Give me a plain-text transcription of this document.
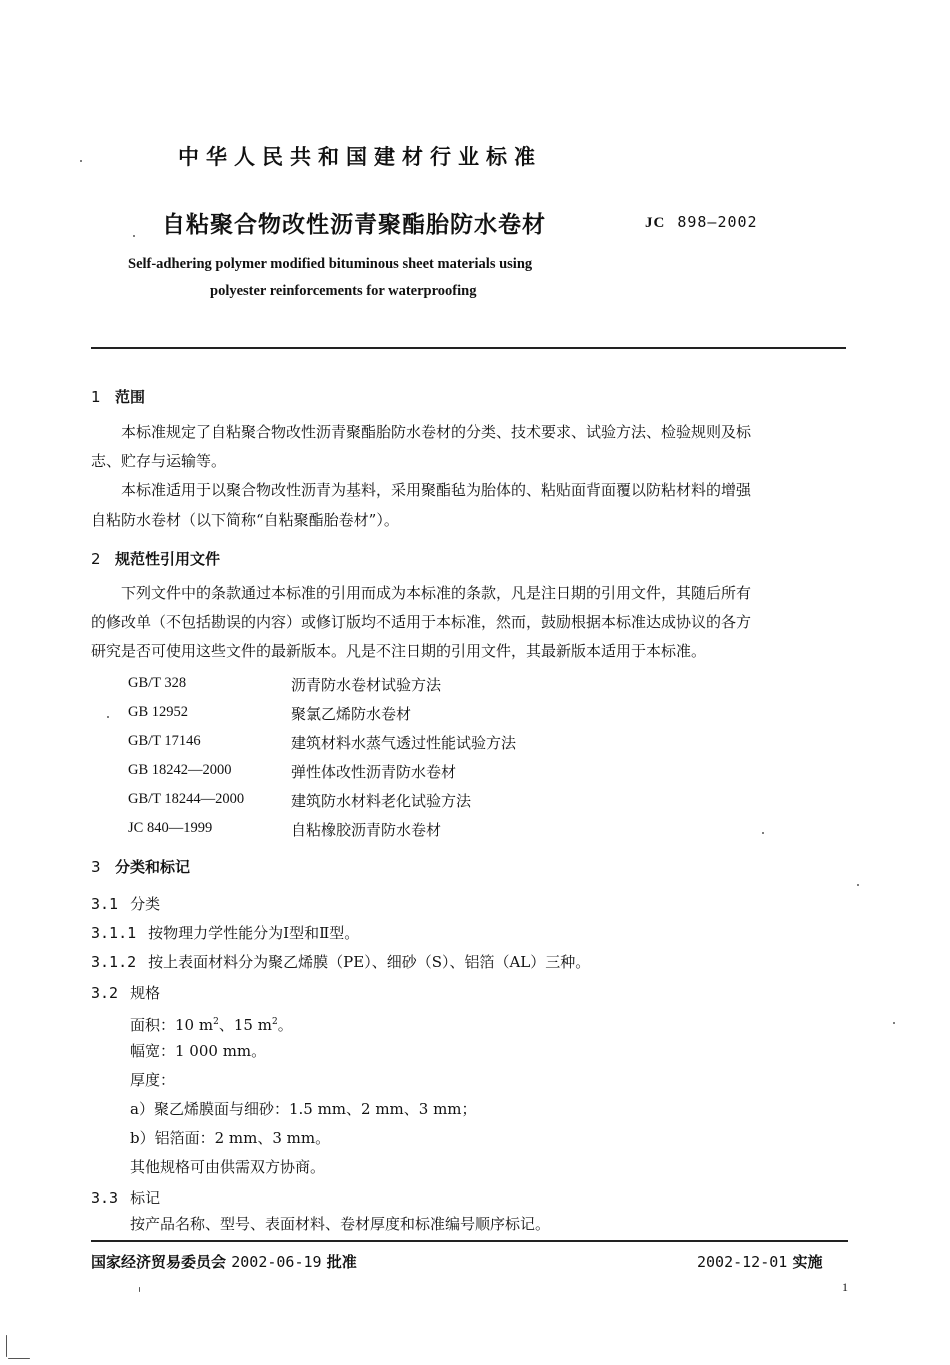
中华人民共和国建材行业标准
自粘聚合物改性沥青聚酯胎防水卷材	JC 898—2002
Self-adhering polymer modified bituminous sheet materials using
polyester reinforcements for waterproofing
1 范围
本标准规定了自粘聚合物改性沥青聚酯胎防水卷材的分类、技术要求、试验方法、检验规则及标
志、贮存与运输等。
本标准适用于以聚合物改性沥青为基料，采用聚酯毡为胎体的、粘贴面背面覆以防粘材料的增强
自粘防水卷材（以下简称“自粘聚酯胎卷材”）。
2 规范性引用文件
下列文件中的条款通过本标准的引用而成为本标准的条款，凡是注日期的引用文件，其随后所有
的修改单（不包括勘误的内容）或修订版均不适用于本标准，然而，鼓励根据本标准达成协议的各方
研究是否可使用这些文件的最新版本。凡是不注日期的引用文件，其最新版本适用于本标准。
GB/T 328	沥青防水卷材试验方法
GB 12952	聚氯乙烯防水卷材
GB/T 17146	建筑材料水蒸气透过性能试验方法
GB 18242—2000	弹性体改性沥青防水卷材
GB/T 18244—2000	建筑防水材料老化试验方法
JC 840—1999	自粘橡胶沥青防水卷材
3 分类和标记
3.1 分类
3.1.1 按物理力学性能分为Ⅰ型和Ⅱ型。
3.1.2 按上表面材料分为聚乙烯膜（PE）、细砂（S）、铝箔（AL）三种。
3.2 规格
面积：10 $m^2$、15 $m^2$。
幅宽：1 000 mm。
厚度：
a）聚乙烯膜面与细砂：1.5 mm、2 mm、3 mm；
b）铝箔面：2 mm、3 mm。
其他规格可由供需双方协商。
3.3 标记
按产品名称、型号、表面材料、卷材厚度和标准编号顺序标记。
国家经济贸易委员会 2002-06-19 批准	2002-12-01 实施
1
